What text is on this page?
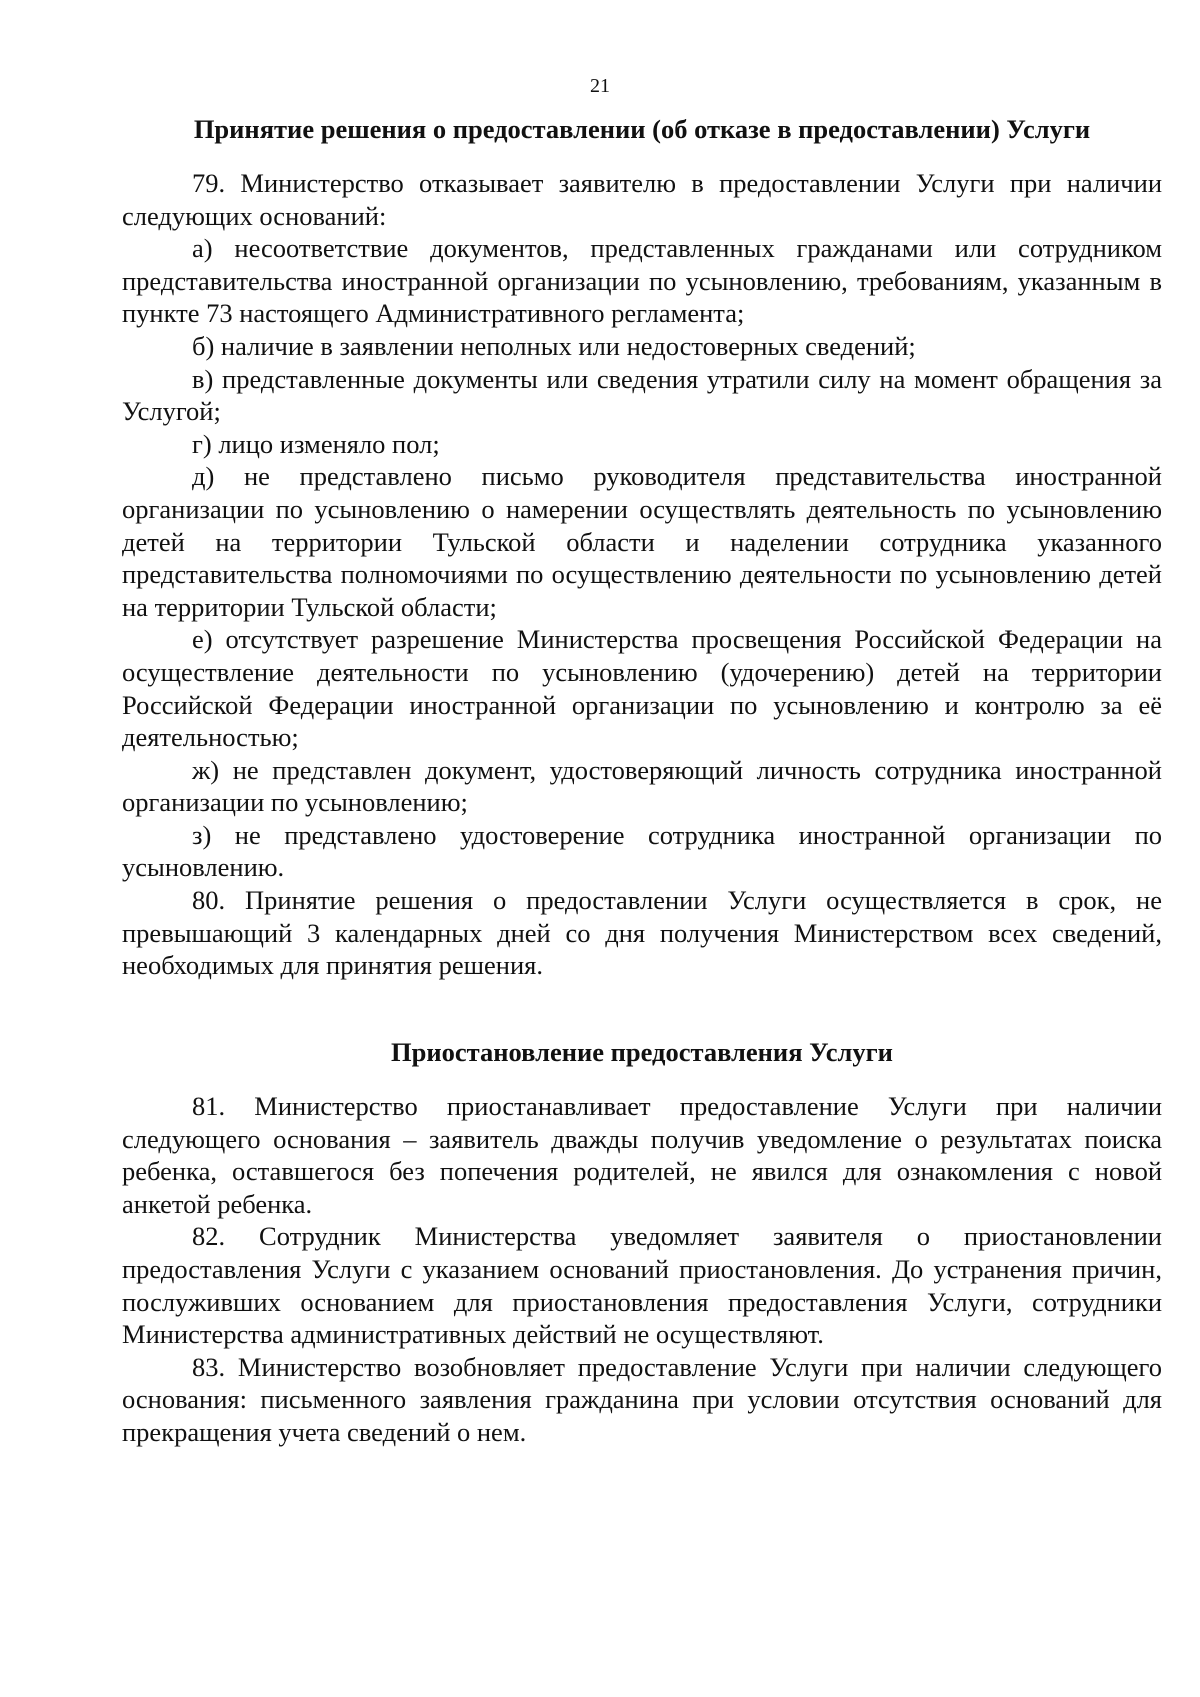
21
Принятие решения о предоставлении (об отказе в предоставлении) Услуги

79. Министерство отказывает заявителю в предоставлении Услуги при наличии следующих оснований:

а) несоответствие документов, представленных гражданами или сотрудником представительства иностранной организации по усыновлению, требованиям, указанным в пункте 73 настоящего Административного регламента;

б) наличие в заявлении неполных или недостоверных сведений;

в) представленные документы или сведения утратили силу на момент обращения за Услугой;

г) лицо изменяло пол;

д) не представлено письмо руководителя представительства иностранной организации по усыновлению о намерении осуществлять деятельность по усыновлению детей на территории Тульской области и наделении сотрудника указанного представительства полномочиями по осуществлению деятельности по усыновлению детей на территории Тульской области;

е) отсутствует разрешение Министерства просвещения Российской Федерации на осуществление деятельности по усыновлению (удочерению) детей на территории Российской Федерации иностранной организации по усыновлению и контролю за её деятельностью;

ж) не представлен документ, удостоверяющий личность сотрудника иностранной организации по усыновлению;

з) не представлено удостоверение сотрудника иностранной организации по усыновлению.

80. Принятие решения о предоставлении Услуги осуществляется в срок, не превышающий 3 календарных дней со дня получения Министерством всех сведений, необходимых для принятия решения.

Приостановление предоставления Услуги

81. Министерство приостанавливает предоставление Услуги при наличии следующего основания – заявитель дважды получив уведомление о результатах поиска ребенка, оставшегося без попечения родителей, не явился для ознакомления с новой анкетой ребенка.

82. Сотрудник Министерства уведомляет заявителя о приостановлении предоставления Услуги с указанием оснований приостановления. До устранения причин, послуживших основанием для приостановления предоставления Услуги, сотрудники Министерства административных действий не осуществляют.

83. Министерство возобновляет предоставление Услуги при наличии следующего основания: письменного заявления гражданина при условии отсутствия оснований для прекращения учета сведений о нем.
